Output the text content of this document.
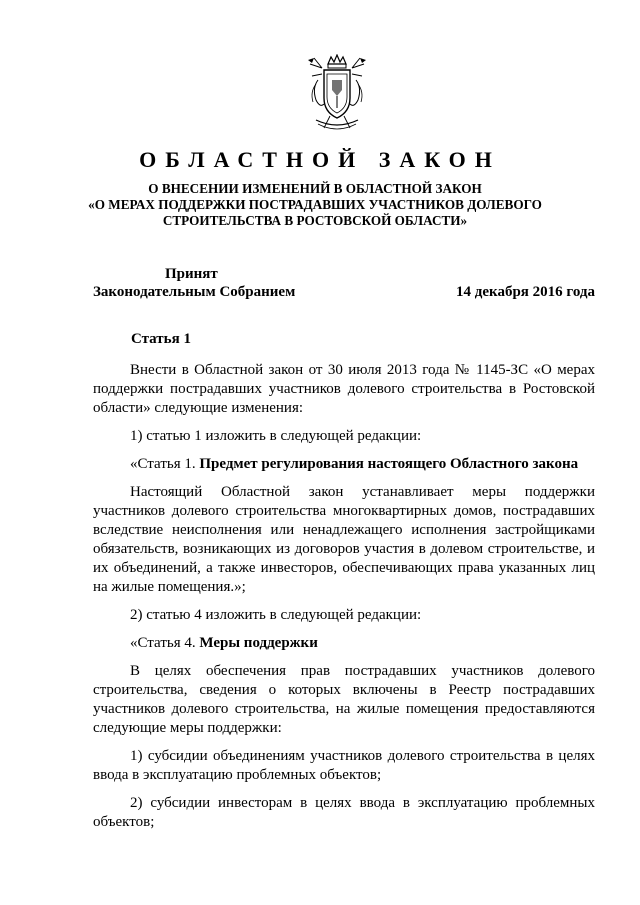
ОБЛАСТНОЙ ЗАКОН
О ВНЕСЕНИИ ИЗМЕНЕНИЙ В ОБЛАСТНОЙ ЗАКОН
«О МЕРАХ ПОДДЕРЖКИ ПОСТРАДАВШИХ УЧАСТНИКОВ ДОЛЕВОГО
СТРОИТЕЛЬСТВА В РОСТОВСКОЙ ОБЛАСТИ»
Принят
Законодательным Собранием	14 декабря 2016 года
Статья 1

Внести в Областной закон от 30 июля 2013 года № 1145-ЗС «О мерах поддержки пострадавших участников долевого строительства в Ростовской области» следующие изменения:

1) статью 1 изложить в следующей редакции:

«Статья 1. Предмет регулирования настоящего Областного закона

Настоящий Областной закон устанавливает меры поддержки участников долевого строительства многоквартирных домов, пострадавших вследствие неисполнения или ненадлежащего исполнения застройщиками обязательств, возникающих из договоров участия в долевом строительстве, и их объединений, а также инвесторов, обеспечивающих права указанных лиц на жилые помещения.»;

2) статью 4 изложить в следующей редакции:

«Статья 4. Меры поддержки

В целях обеспечения прав пострадавших участников долевого строительства, сведения о которых включены в Реестр пострадавших участников долевого строительства, на жилые помещения предоставляются следующие меры поддержки:

1) субсидии объединениям участников долевого строительства в целях ввода в эксплуатацию проблемных объектов;

2) субсидии инвесторам в целях ввода в эксплуатацию проблемных объектов;
